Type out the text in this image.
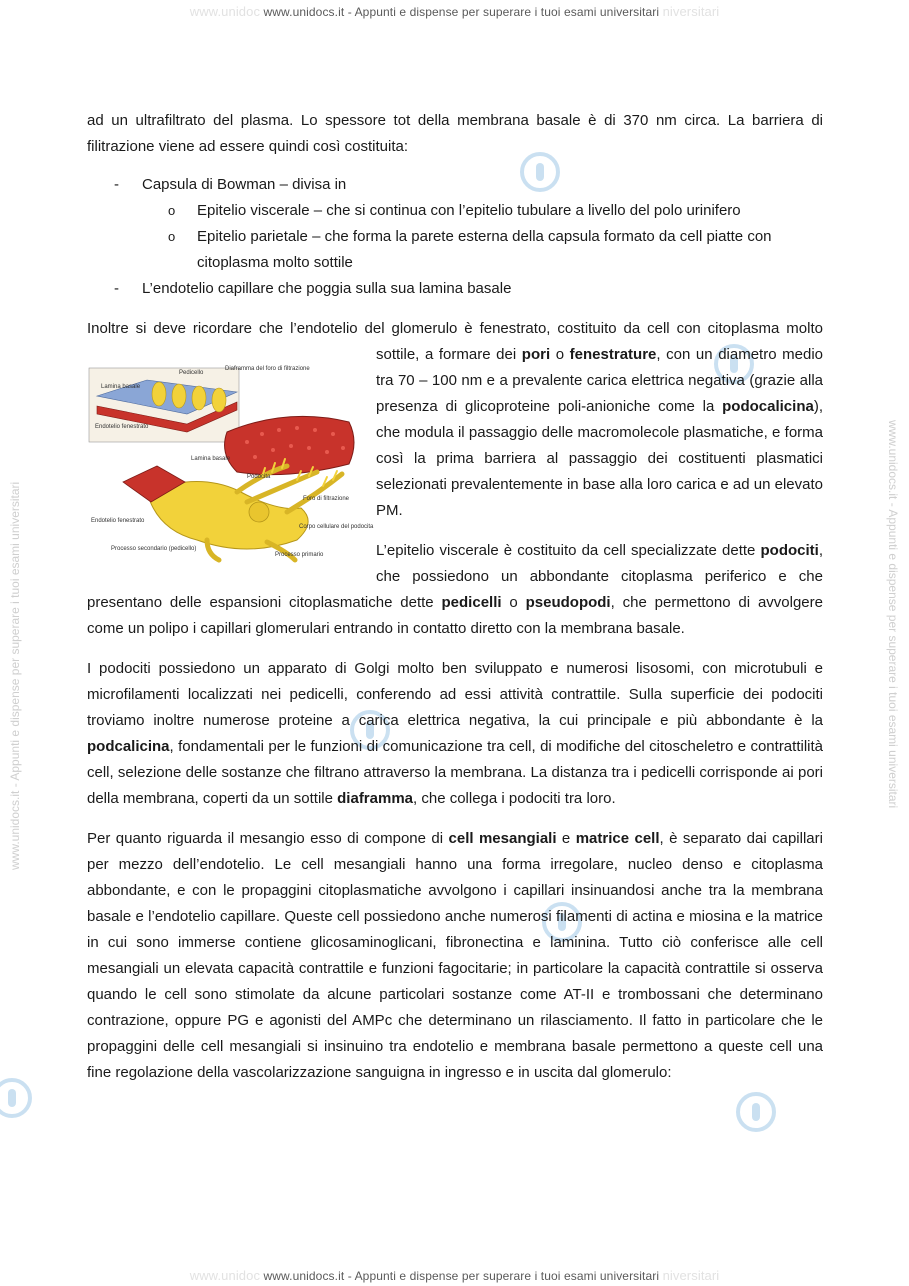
www.unidoc www.unidocs.it - Appunti e dispense per superare i tuoi esami universitari niversitari
www.unidoc www.unidocs.it - Appunti e dispense per superare i tuoi esami universitari niversitari
www.unidocs.it - Appunti e dispense per superare i tuoi esami universitari	www.unidocs.it - Appunti e dispense per superare i tuoi esami universitari

ad un ultrafiltrato del plasma. Lo spessore tot della membrana basale è di 370 nm circa. La barriera di filitrazione viene ad essere quindi così costituita:

- Capsula di Bowman – divisa in
o Epitelio viscerale – che si continua con l’epitelio tubulare a livello del polo urinifero
o Epitelio parietale – che forma la parete esterna della capsula formato da cell piatte con citoplasma molto sottile
- L’endotelio capillare che poggia sulla sua lamina basale

Inoltre si deve ricordare che l’endotelio del glomerulo è fenestrato, costituito da cell con citoplasma molto sottile, a formare dei pori o fenestrature
Lamina basale
Pedicello
Diaframma del foro di filtrazione
Endotelio fenestrato
Lamina basale
Podocita
Foro di filtrazione
Corpo cellulare del podocita
Endotelio fenestrato
Processo secondario (pedicello)
Processo primario
, con un diametro medio tra 70 – 100 nm e a prevalente carica elettrica negativa (grazie alla presenza di glicoproteine poli-anioniche come la podocalicina), che modula il passaggio delle macromolecole plasmatiche, e forma così la prima barriera al passaggio dei costituenti plasmatici selezionati prevalentemente in base alla loro carica e ad un elevato PM.

L’epitelio viscerale è costituito da cell specializzate dette podociti, che possiedono un abbondante citoplasma periferico e che presentano delle espansioni citoplasmatiche dette pedicelli o pseudopodi, che permettono di avvolgere come un polipo i capillari glomerulari entrando in contatto diretto con la membrana basale.

I podociti possiedono un apparato di Golgi molto ben sviluppato e numerosi lisosomi, con microtubuli e microfilamenti localizzati nei pedicelli, conferendo ad essi attività contrattile. Sulla superficie dei podociti troviamo inoltre numerose proteine a carica elettrica negativa, la cui principale e più abbondante è la podcalicina, fondamentali per le funzioni di comunicazione tra cell, di modifiche del citoscheletro e contrattilità cell, selezione delle sostanze che filtrano attraverso la membrana. La distanza tra i pedicelli corrisponde ai pori della membrana, coperti da un sottile diaframma, che collega i podociti tra loro.

Per quanto riguarda il mesangio esso di compone di cell mesangiali e matrice cell, è separato dai capillari per mezzo dell’endotelio. Le cell mesangiali hanno una forma irregolare, nucleo denso e citoplasma abbondante, e con le propaggini citoplasmatiche avvolgono i capillari insinuandosi anche tra la membrana basale e l’endotelio capillare. Queste cell possiedono anche numerosi filamenti di actina e miosina e la matrice in cui sono immerse contiene glicosaminoglicani, fibronectina e laminina. Tutto ciò conferisce alle cell mesangiali un elevata capacità contrattile e funzioni fagocitarie; in particolare la capacità contrattile si osserva quando le cell sono stimolate da alcune particolari sostanze come AT-II e trombossani che determinano contrazione, oppure PG e agonisti del AMPc che determinano un rilasciamento. Il fatto in particolare che le propaggini delle cell mesangiali si insinuino tra endotelio e membrana basale permettono a queste cell una fine regolazione della vascolarizzazione sanguigna in ingresso e in uscita dal glomerulo:
